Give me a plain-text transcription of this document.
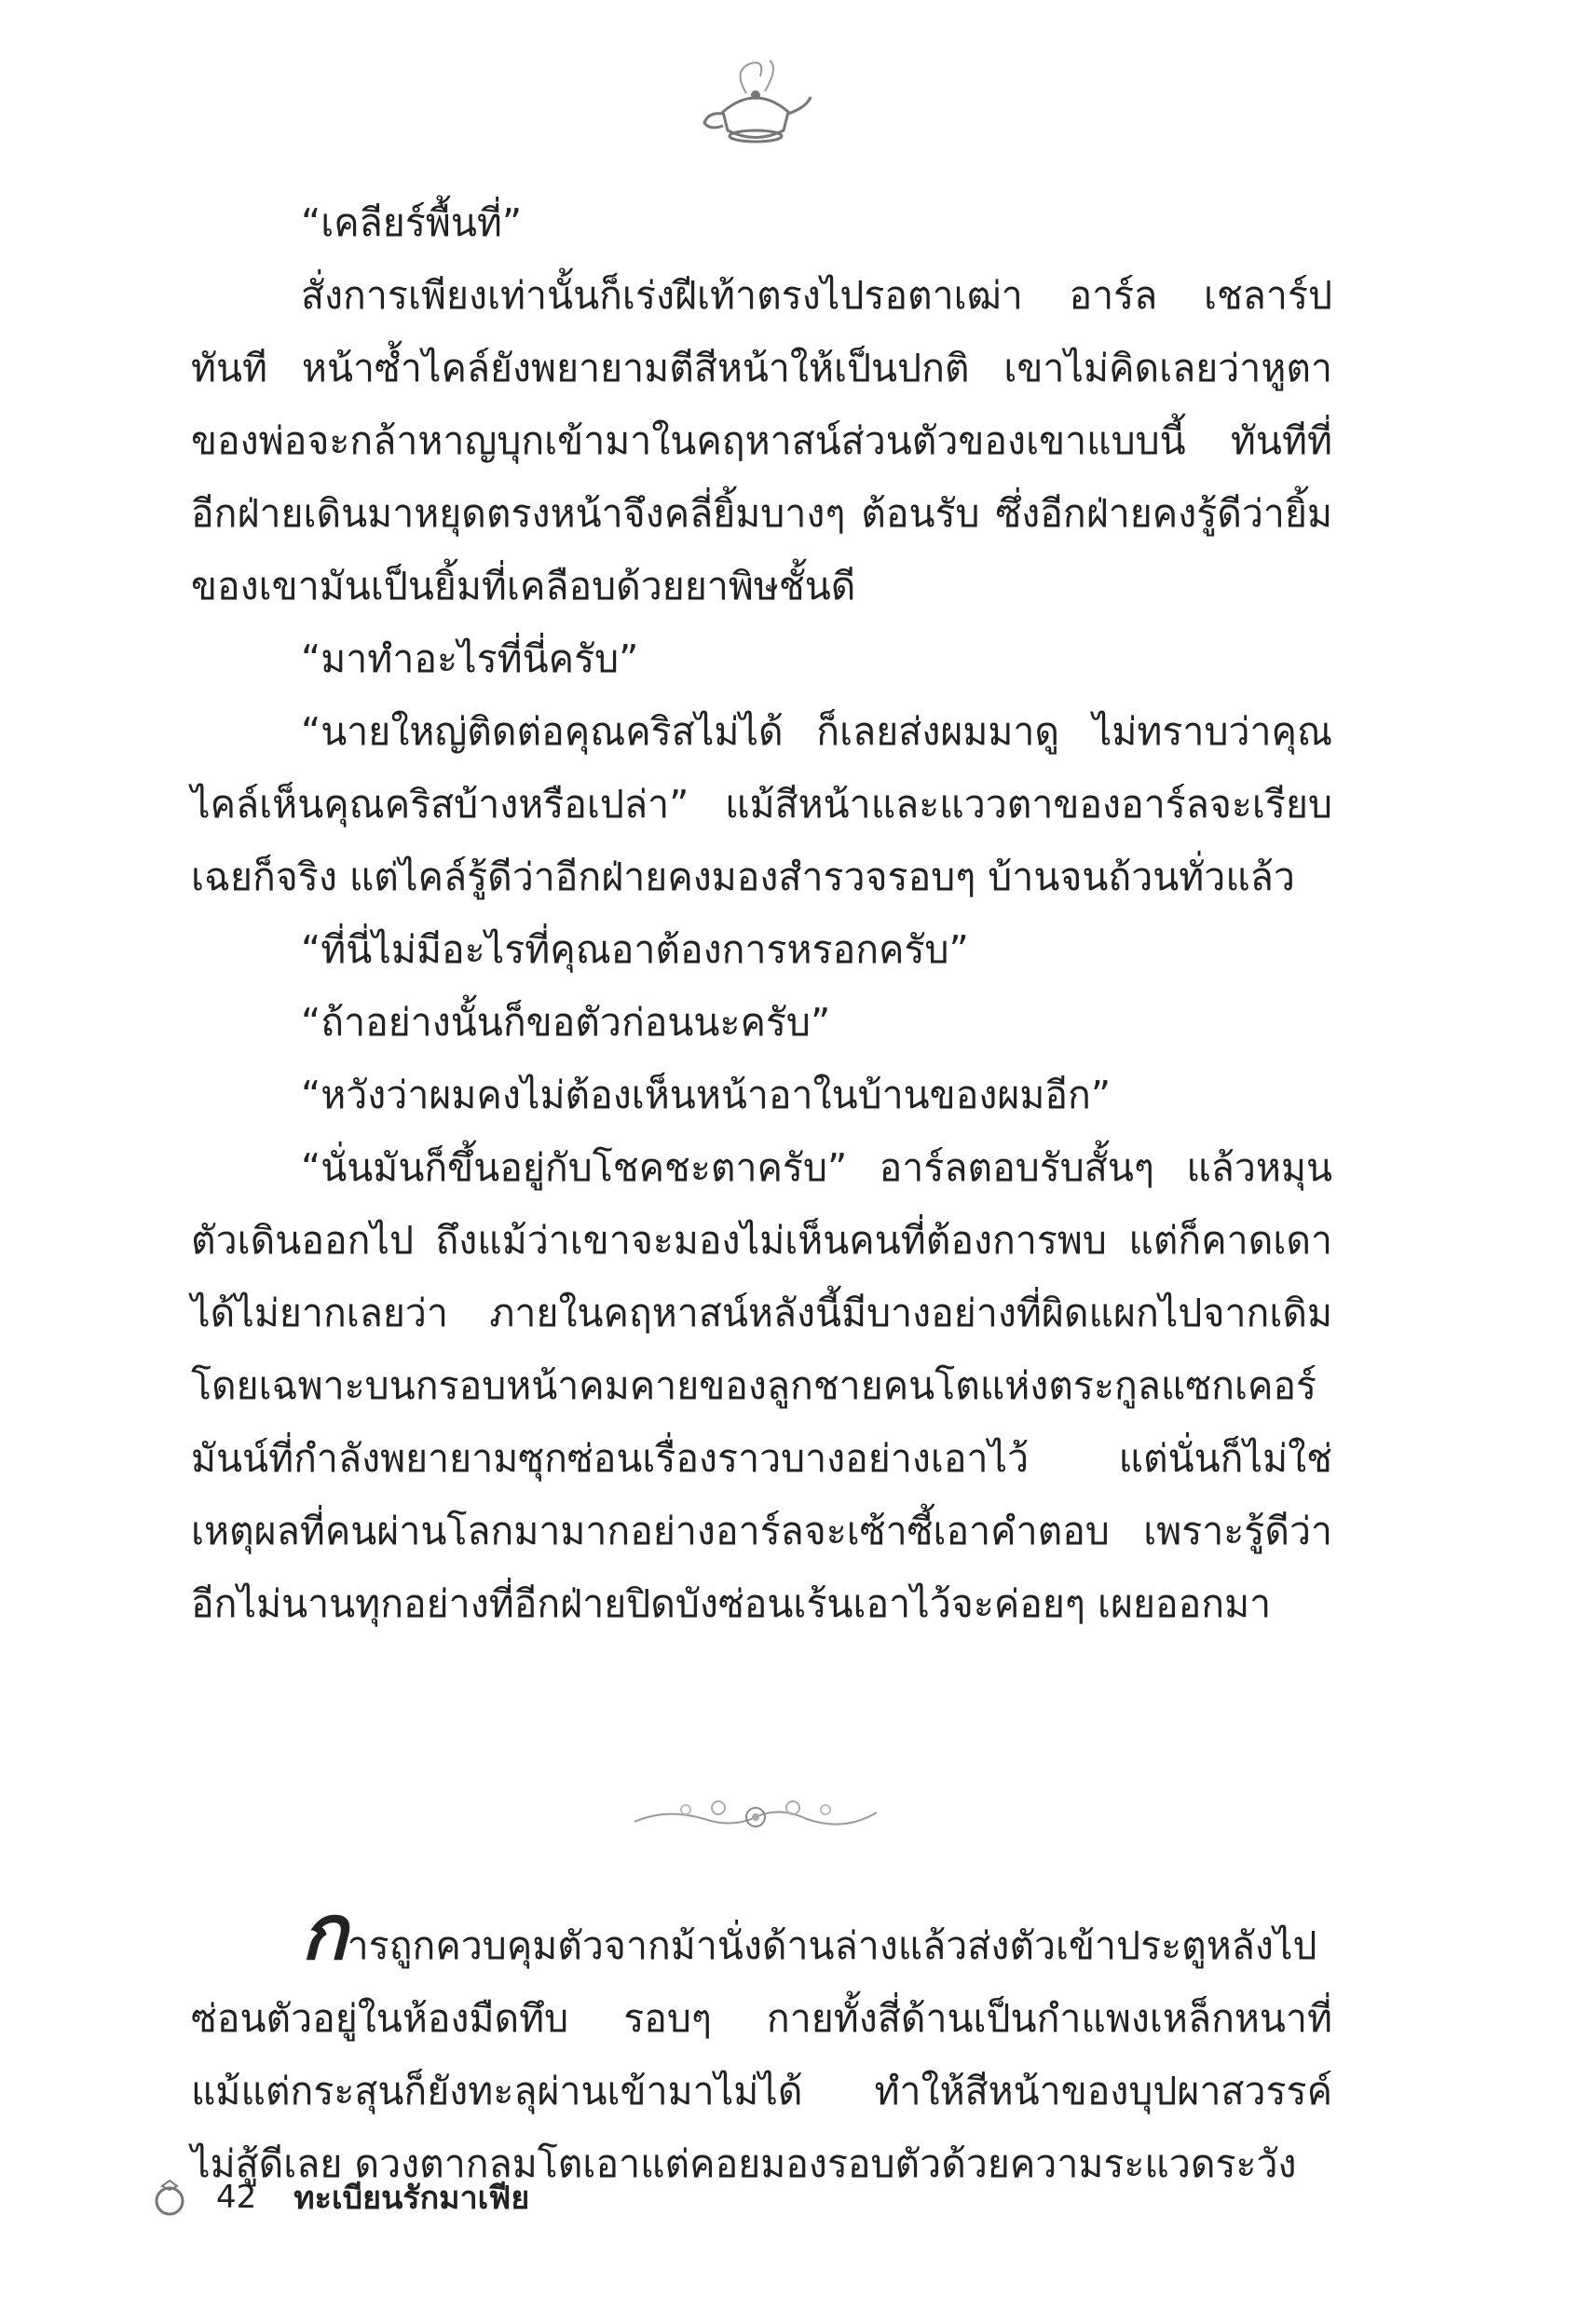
“เคลียร์พื้นที่”

สั่งการเพียงเท่านั้นก็เร่งฝีเท้าตรงไปรอตาเฒ่า อาร์ล เชลาร์ป ทันที หน้าซ้ำไคล์ยังพยายามตีสีหน้าให้เป็นปกติ เขาไม่คิดเลยว่าหูตาของพ่อจะกล้าหาญบุกเข้ามาในคฤหาสน์ส่วนตัวของเขาแบบนี้ ทันทีที่อีกฝ่ายเดินมาหยุดตรงหน้าจึงคลี่ยิ้มบางๆ ต้อนรับ ซึ่งอีกฝ่ายคงรู้ดีว่ายิ้มของเขามันเป็นยิ้มที่เคลือบด้วยยาพิษชั้นดี

“มาทำอะไรที่นี่ครับ”

“นายใหญ่ติดต่อคุณคริสไม่ได้ ก็เลยส่งผมมาดู ไม่ทราบว่าคุณไคล์เห็นคุณคริสบ้างหรือเปล่า” แม้สีหน้าและแววตาของอาร์ลจะเรียบเฉยก็จริง แต่ไคล์รู้ดีว่าอีกฝ่ายคงมองสำรวจรอบๆ บ้านจนถ้วนทั่วแล้ว

“ที่นี่ไม่มีอะไรที่คุณอาต้องการหรอกครับ”

“ถ้าอย่างนั้นก็ขอตัวก่อนนะครับ”

“หวังว่าผมคงไม่ต้องเห็นหน้าอาในบ้านของผมอีก”

“นั่นมันก็ขึ้นอยู่กับโชคชะตาครับ” อาร์ลตอบรับสั้นๆ แล้วหมุนตัวเดินออกไป ถึงแม้ว่าเขาจะมองไม่เห็นคนที่ต้องการพบ แต่ก็คาดเดาได้ไม่ยากเลยว่า ภายในคฤหาสน์หลังนี้มีบางอย่างที่ผิดแผกไปจากเดิม โดยเฉพาะบนกรอบหน้าคมคายของลูกชายคนโตแห่งตระกูลแซกเคอร์มันน์ที่กำลังพยายามซุกซ่อนเรื่องราวบางอย่างเอาไว้ แต่นั่นก็ไม่ใช่เหตุผลที่คนผ่านโลกมามากอย่างอาร์ลจะเซ้าซี้เอาคำตอบ เพราะรู้ดีว่าอีกไม่นานทุกอย่างที่อีกฝ่ายปิดบังซ่อนเร้นเอาไว้จะค่อยๆ เผยออกมา

การถูกควบคุมตัวจากม้านั่งด้านล่างแล้วส่งตัวเข้าประตูหลังไปซ่อนตัวอยู่ในห้องมืดทึบ รอบๆ กายทั้งสี่ด้านเป็นกำแพงเหล็กหนาที่แม้แต่กระสุนก็ยังทะลุผ่านเข้ามาไม่ได้ ทำให้สีหน้าของบุปผาสวรรค์ไม่สู้ดีเลย ดวงตากลมโตเอาแต่คอยมองรอบตัวด้วยความระแวดระวัง

42 ทะเบียนรักมาเฟีย
